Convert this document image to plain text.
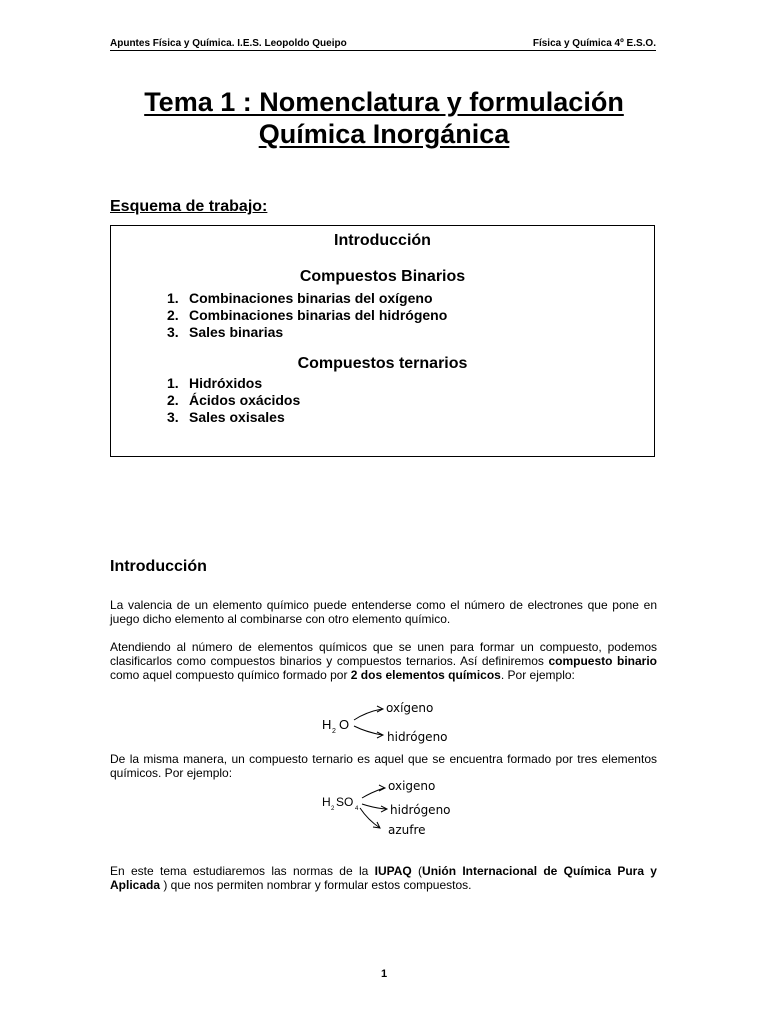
Apuntes Física y Química. I.E.S. Leopoldo Queipo	Física y Química 4º E.S.O.
Tema 1 : Nomenclatura y formulación
Química Inorgánica
Esquema de trabajo:
Introducción
Compuestos Binarios
1. Combinaciones binarias del oxígeno
2. Combinaciones binarias del hidrógeno
3. Sales binarias
Compuestos ternarios
1. Hidróxidos
2. Ácidos oxácidos
3. Sales oxisales
Introducción
La valencia de un elemento químico puede entenderse como el número de electrones que pone en juego dicho elemento al combinarse con otro elemento químico.
Atendiendo al número de elementos químicos que se unen para formar un compuesto, podemos clasificarlos como compuestos binarios y compuestos ternarios. Así definiremos compuesto binario como aquel compuesto químico formado por 2 dos elementos químicos. Por ejemplo:
H 2 O
oxígeno
hidrógeno
De la misma manera, un compuesto ternario es aquel que se encuentra formado por tres elementos químicos. Por ejemplo:
H 2 SO 4
oxigeno
hidrógeno
azufre
En este tema estudiaremos las normas de la IUPAQ (Unión Internacional de Química Pura y Aplicada ) que nos permiten nombrar y formular estos compuestos.
1
